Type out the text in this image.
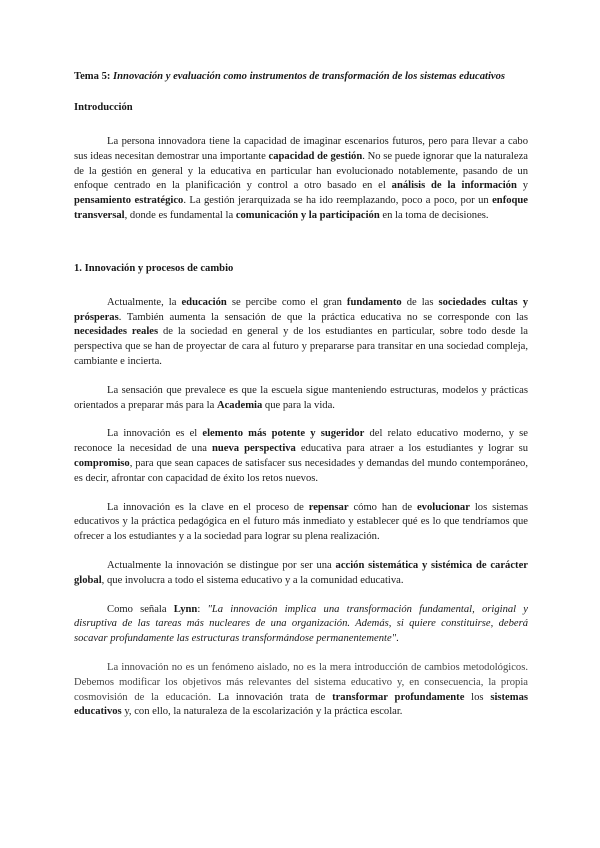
Tema 5: Innovación y evaluación como instrumentos de transformación de los sistemas educativos
Introducción

La persona innovadora tiene la capacidad de imaginar escenarios futuros, pero para llevar a cabo sus ideas necesitan demostrar una importante capacidad de gestión. No se puede ignorar que la naturaleza de la gestión en general y la educativa en particular han evolucionado notablemente, pasando de un enfoque centrado en la planificación y control a otro basado en el análisis de la información y pensamiento estratégico. La gestión jerarquizada se ha ido reemplazando, poco a poco, por un enfoque transversal, donde es fundamental la comunicación y la participación en la toma de decisiones.

1. Innovación y procesos de cambio

Actualmente, la educación se percibe como el gran fundamento de las sociedades cultas y prósperas. También aumenta la sensación de que la práctica educativa no se corresponde con las necesidades reales de la sociedad en general y de los estudiantes en particular, sobre todo desde la perspectiva que se han de proyectar de cara al futuro y prepararse para transitar en una sociedad compleja, cambiante e incierta.

La sensación que prevalece es que la escuela sigue manteniendo estructuras, modelos y prácticas orientados a preparar más para la Academia que para la vida.

La innovación es el elemento más potente y sugeridor del relato educativo moderno, y se reconoce la necesidad de una nueva perspectiva educativa para atraer a los estudiantes y lograr su compromiso, para que sean capaces de satisfacer sus necesidades y demandas del mundo contemporáneo, es decir, afrontar con capacidad de éxito los retos nuevos.

La innovación es la clave en el proceso de repensar cómo han de evolucionar los sistemas educativos y la práctica pedagógica en el futuro más inmediato y establecer qué es lo que tendríamos que ofrecer a los estudiantes y a la sociedad para lograr su plena realización.

Actualmente la innovación se distingue por ser una acción sistemática y sistémica de carácter global, que involucra a todo el sistema educativo y a la comunidad educativa.

Como señala Lynn: "La innovación implica una transformación fundamental, original y disruptiva de las tareas más nucleares de una organización. Además, si quiere constituirse, deberá socavar profundamente las estructuras transformándose permanentemente".

La innovación no es un fenómeno aislado, no es la mera introducción de cambios metodológicos. Debemos modificar los objetivos más relevantes del sistema educativo y, en consecuencia, la propia cosmovisión de la educación. La innovación trata de transformar profundamente los sistemas educativos y, con ello, la naturaleza de la escolarización y la práctica escolar.
